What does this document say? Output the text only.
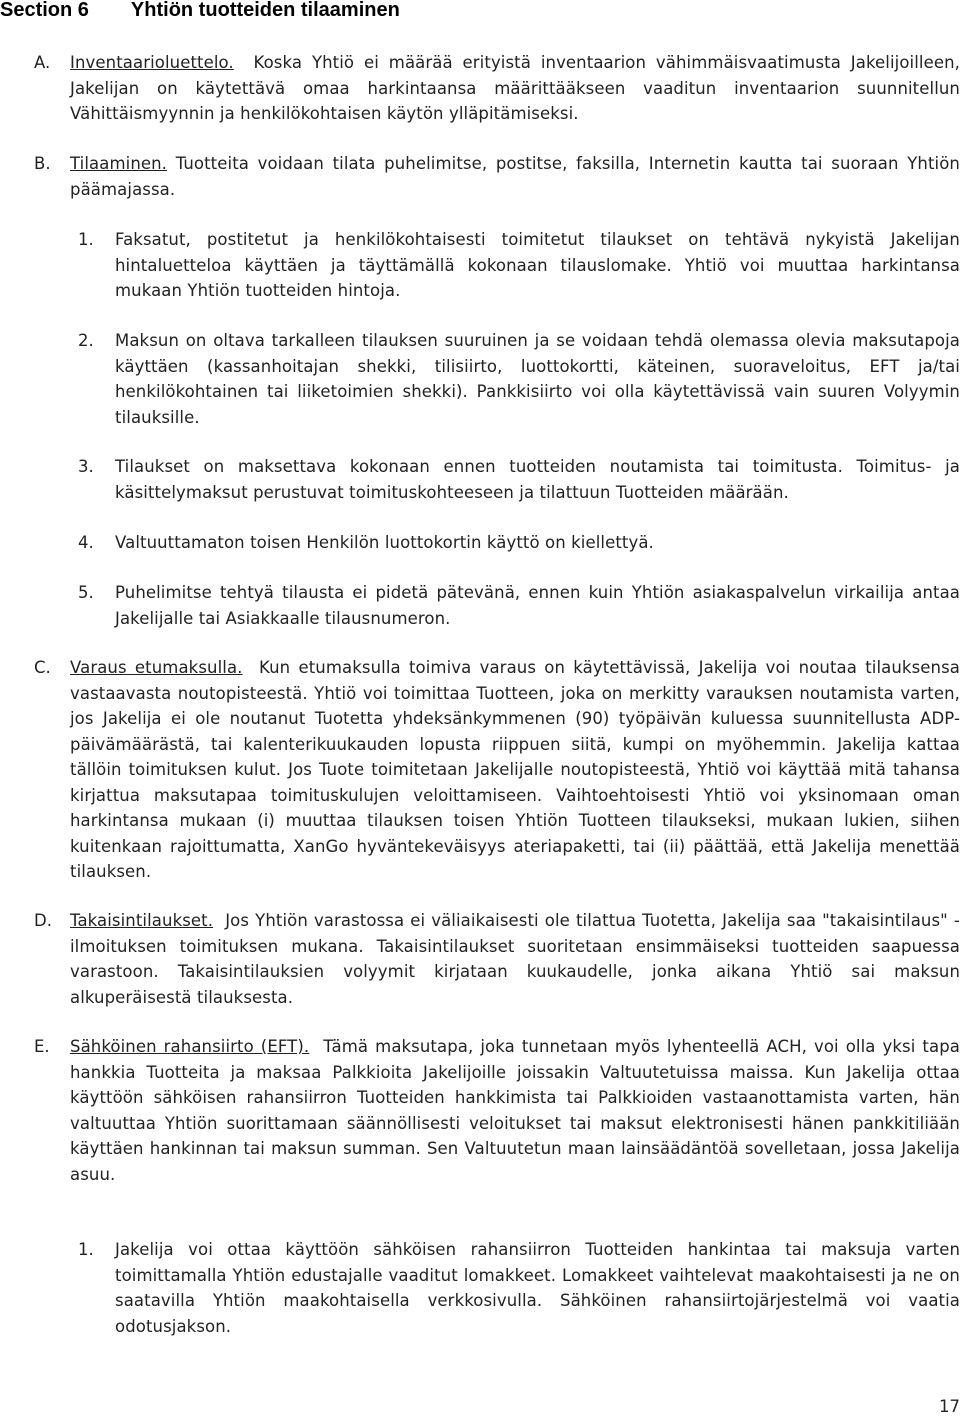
Section 6 Yhtiön tuotteiden tilaaminen
A. Inventaarioluettelo. Koska Yhtiö ei määrää erityistä inventaarion vähimmäisvaatimusta Jakelijoilleen, Jakelijan on käytettävä omaa harkintaansa määrittääkseen vaaditun inventaarion suunnitellun Vähittäismyynnin ja henkilökohtaisen käytön ylläpitämiseksi.
B. Tilaaminen. Tuotteita voidaan tilata puhelimitse, postitse, faksilla, Internetin kautta tai suoraan Yhtiön päämajassa.
1. Faksatut, postitetut ja henkilökohtaisesti toimitetut tilaukset on tehtävä nykyistä Jakelijan hintaluetteloa käyttäen ja täyttämällä kokonaan tilauslomake. Yhtiö voi muuttaa harkintansa mukaan Yhtiön tuotteiden hintoja.
2. Maksun on oltava tarkalleen tilauksen suuruinen ja se voidaan tehdä olemassa olevia maksutapoja käyttäen (kassanhoitajan shekki, tilisiirto, luottokortti, käteinen, suoraveloitus, EFT ja/tai henkilökohtainen tai liiketoimien shekki). Pankkisiirto voi olla käytettävissä vain suuren Volyymin tilauksille.
3. Tilaukset on maksettava kokonaan ennen tuotteiden noutamista tai toimitusta. Toimitus- ja käsittelymaksut perustuvat toimituskohteeseen ja tilattuun Tuotteiden määrään.
4. Valtuuttamaton toisen Henkilön luottokortin käyttö on kiellettyä.
5. Puhelimitse tehtyä tilausta ei pidetä pätevänä, ennen kuin Yhtiön asiakaspalvelun virkailija antaa Jakelijalle tai Asiakkaalle tilausnumeron.
C. Varaus etumaksulla. Kun etumaksulla toimiva varaus on käytettävissä, Jakelija voi noutaa tilauksensa vastaavasta noutopisteestä. Yhtiö voi toimittaa Tuotteen, joka on merkitty varauksen noutamista varten, jos Jakelija ei ole noutanut Tuotetta yhdeksänkymmenen (90) työpäivän kuluessa suunnitellusta ADP-päivämäärästä, tai kalenterikuukauden lopusta riippuen siitä, kumpi on myöhemmin. Jakelija kattaa tällöin toimituksen kulut. Jos Tuote toimitetaan Jakelijalle noutopisteestä, Yhtiö voi käyttää mitä tahansa kirjattua maksutapaa toimituskulujen veloittamiseen. Vaihtoehtoisesti Yhtiö voi yksinomaan oman harkintansa mukaan (i) muuttaa tilauksen toisen Yhtiön Tuotteen tilaukseksi, mukaan lukien, siihen kuitenkaan rajoittumatta, XanGo hyväntekeväisyys ateriapaketti, tai (ii) päättää, että Jakelija menettää tilauksen.
D. Takaisintilaukset. Jos Yhtiön varastossa ei väliaikaisesti ole tilattua Tuotetta, Jakelija saa "takaisintilaus" -ilmoituksen toimituksen mukana. Takaisintilaukset suoritetaan ensimmäiseksi tuotteiden saapuessa varastoon. Takaisintilauksien volyymit kirjataan kuukaudelle, jonka aikana Yhtiö sai maksun alkuperäisestä tilauksesta.
E. Sähköinen rahansiirto (EFT). Tämä maksutapa, joka tunnetaan myös lyhenteellä ACH, voi olla yksi tapa hankkia Tuotteita ja maksaa Palkkioita Jakelijoille joissakin Valtuutetuissa maissa. Kun Jakelija ottaa käyttöön sähköisen rahansiirron Tuotteiden hankkimista tai Palkkioiden vastaanottamista varten, hän valtuuttaa Yhtiön suorittamaan säännöllisesti veloitukset tai maksut elektronisesti hänen pankkitiliään käyttäen hankinnan tai maksun summan. Sen Valtuutetun maan lainsäädäntöä sovelletaan, jossa Jakelija asuu.
1. Jakelija voi ottaa käyttöön sähköisen rahansiirron Tuotteiden hankintaa tai maksuja varten toimittamalla Yhtiön edustajalle vaaditut lomakkeet. Lomakkeet vaihtelevat maakohtaisesti ja ne on saatavilla Yhtiön maakohtaisella verkkosivulla. Sähköinen rahansiirtojärjestelmä voi vaatia odotusjakson.
17
